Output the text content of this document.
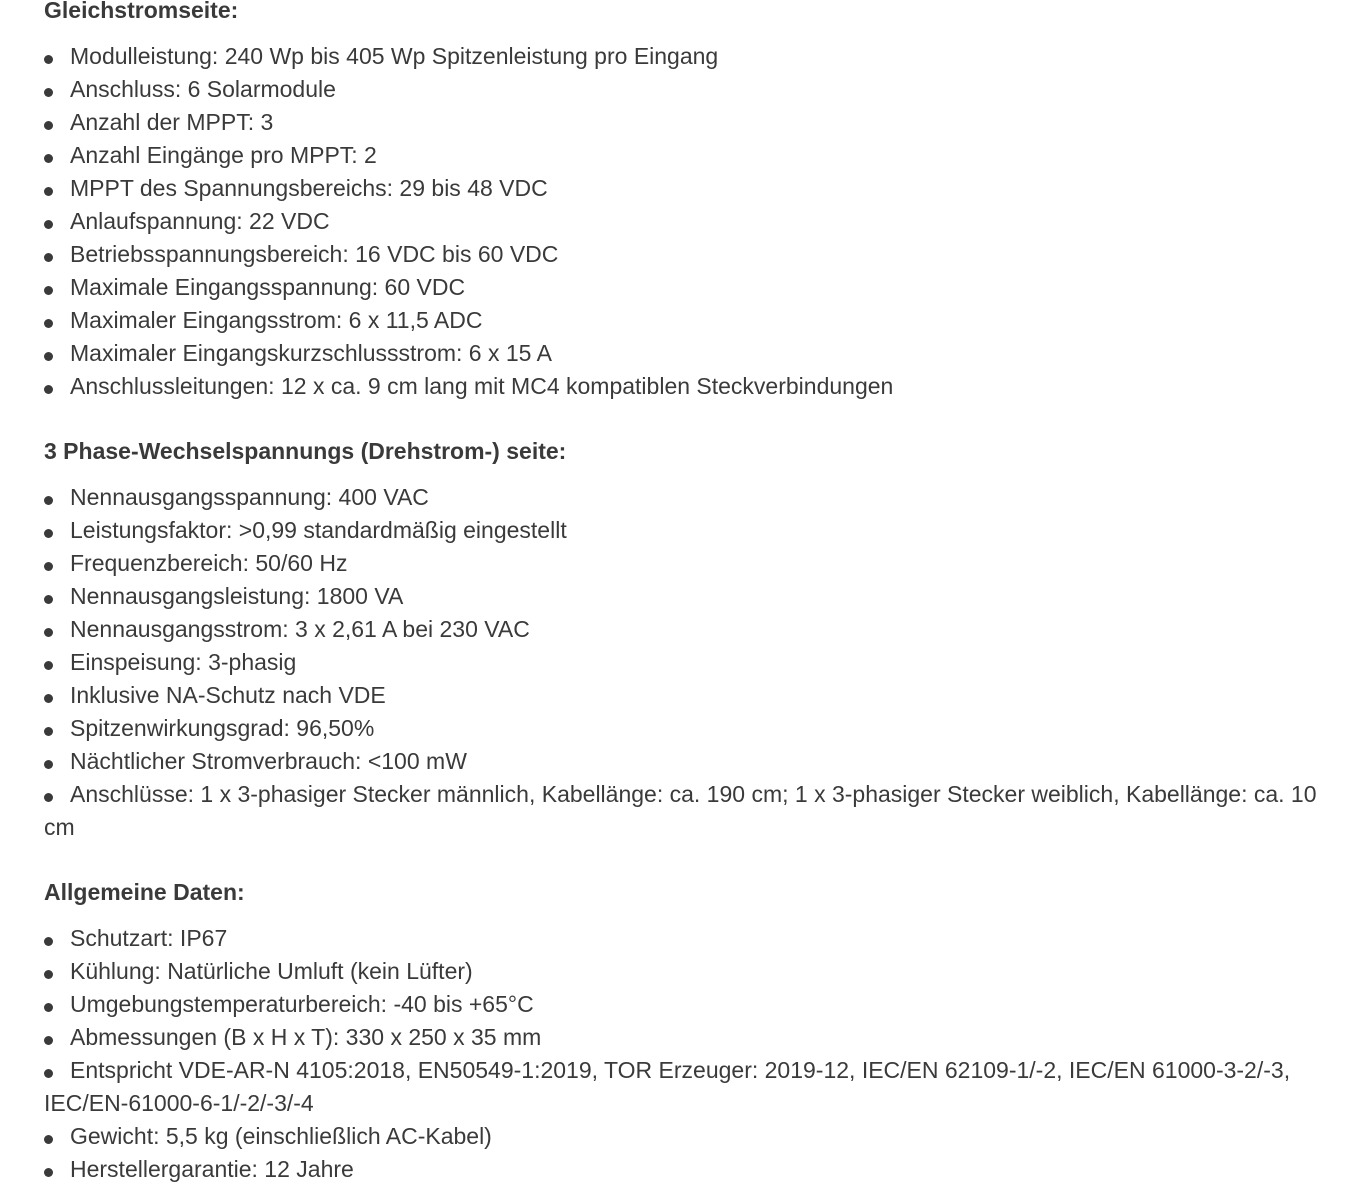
Gleichstromseite:
Modulleistung: 240 Wp bis 405 Wp Spitzenleistung pro Eingang
Anschluss: 6 Solarmodule
Anzahl der MPPT: 3
Anzahl Eingänge pro MPPT: 2
MPPT des Spannungsbereichs: 29 bis 48 VDC
Anlaufspannung: 22 VDC
Betriebsspannungsbereich: 16 VDC bis 60 VDC
Maximale Eingangsspannung: 60 VDC
Maximaler Eingangsstrom: 6 x 11,5 ADC
Maximaler Eingangskurzschlussstrom: 6 x 15 A
Anschlussleitungen: 12 x ca. 9 cm lang mit MC4 kompatiblen Steckverbindungen
3 Phase-Wechselspannungs (Drehstrom-) seite:
Nennausgangsspannung: 400 VAC
Leistungsfaktor: >0,99 standardmäßig eingestellt
Frequenzbereich: 50/60 Hz
Nennausgangsleistung: 1800 VA
Nennausgangsstrom: 3 x 2,61 A bei 230 VAC
Einspeisung: 3-phasig
Inklusive NA-Schutz nach VDE
Spitzenwirkungsgrad: 96,50%
Nächtlicher Stromverbrauch: <100 mW
Anschlüsse: 1 x 3-phasiger Stecker männlich, Kabellänge: ca. 190 cm; 1 x 3-phasiger Stecker weiblich, Kabellänge: ca. 10 cm
Allgemeine Daten:
Schutzart: IP67
Kühlung: Natürliche Umluft (kein Lüfter)
Umgebungstemperaturbereich: -40 bis +65°C
Abmessungen (B x H x T): 330 x 250 x 35 mm
Entspricht VDE-AR-N 4105:2018, EN50549-1:2019, TOR Erzeuger: 2019-12, IEC/EN 62109-1/-2, IEC/EN 61000-3-2/-3, IEC/EN-61000-6-1/-2/-3/-4
Gewicht: 5,5 kg (einschließlich AC-Kabel)
Herstellergarantie: 12 Jahre
